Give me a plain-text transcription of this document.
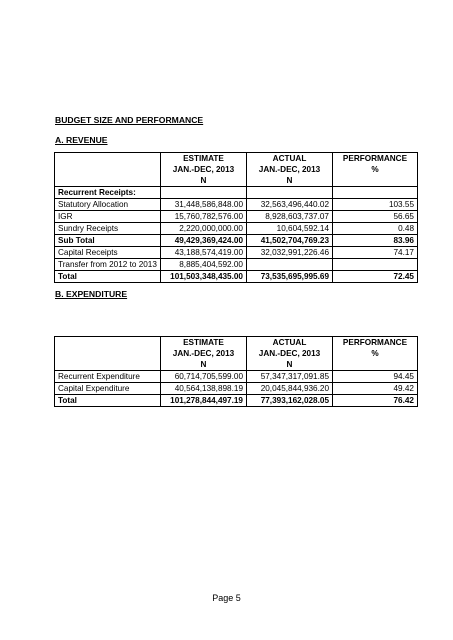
BUDGET SIZE AND PERFORMANCE
A. REVENUE
	ESTIMATE	ACTUAL	PERFORMANCE
	JAN.-DEC, 2013	JAN.-DEC, 2013	%
	N	N	
Recurrent Receipts:			
Statutory Allocation	31,448,586,848.00	32,563,496,440.02	103.55
IGR	15,760,782,576.00	8,928,603,737.07	56.65
Sundry Receipts	2,220,000,000.00	10,604,592.14	0.48
Sub Total	49,429,369,424.00	41,502,704,769.23	83.96
Capital Receipts	43,188,574,419.00	32,032,991,226.46	74.17
Transfer from 2012 to 2013	8,885,404,592.00		
Total	101,503,348,435.00	73,535,695,995.69	72.45
B. EXPENDITURE
	ESTIMATE	ACTUAL	PERFORMANCE
	JAN.-DEC, 2013	JAN.-DEC, 2013	%
	N	N	
Recurrent Expenditure	60,714,705,599.00	57,347,317,091.85	94.45
Capital Expenditure	40,564,138,898.19	20,045,844,936.20	49.42
Total	101,278,844,497.19	77,393,162,028.05	76.42
Page 5
